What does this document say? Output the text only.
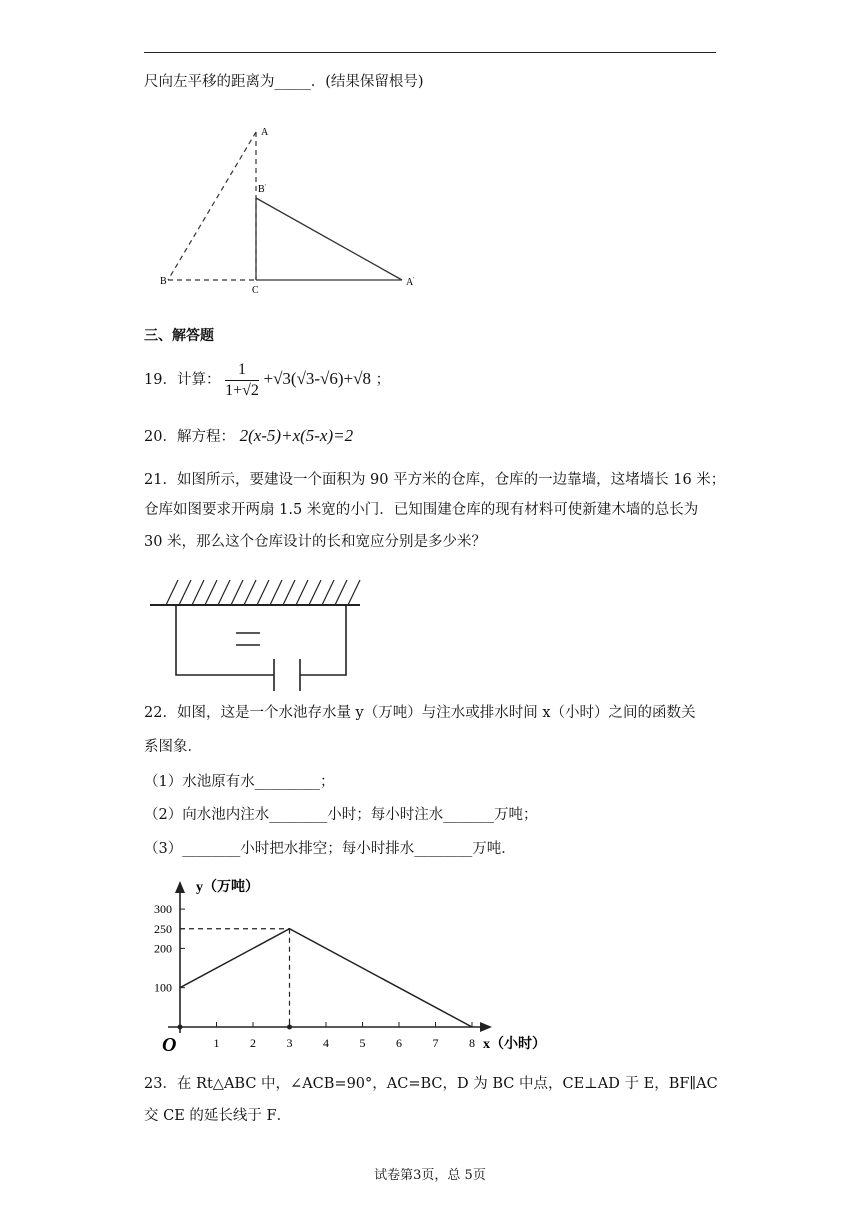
尺向左平移的距离为_____．(结果保留根号)
A
B'
B
C
A'
三、解答题
19．计算： $\frac{1}{1+√2} +√3(√3-√6)+√8$ ；
20．解方程： 2(x-5)+x(5-x)=2
21．如图所示，要建设一个面积为 90 平方米的仓库，仓库的一边靠墙，这堵墙长 16 米；
仓库如图要求开两扇 1.5 米宽的小门．已知围建仓库的现有材料可使新建木墙的总长为
30 米，那么这个仓库设计的长和宽应分别是多少米？
22．如图，这是一个水池存水量 y（万吨）与注水或排水时间 x（小时）之间的函数关
系图象．
（1）水池原有水_________；
（2）向水池内注水________小时；每小时注水_______万吨；
（3）________小时把水排空；每小时排水________万吨．
y（万吨）
x（小时）
O	1	2	3	4	5	6	7	8
100
200
250
300
23．在 Rt△ABC 中，∠ACB=90°，AC=BC，D 为 BC 中点，CE⊥AD 于 E，BF∥AC
交 CE 的延长线于 F．
试卷第3页，总 5页
